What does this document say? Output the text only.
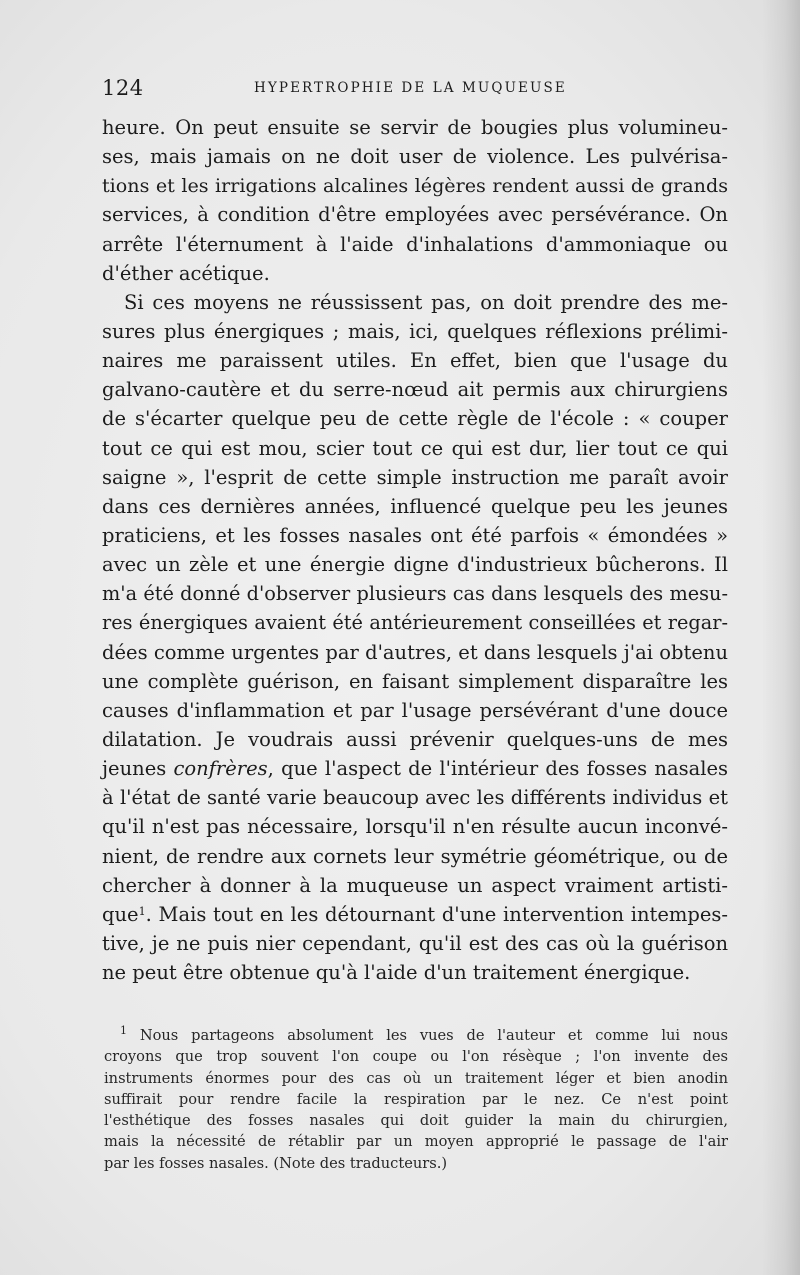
124	HYPERTROPHIE DE LA MUQUEUSE
heure. On peut ensuite se servir de bougies plus volumineu-
ses, mais jamais on ne doit user de violence. Les pulvérisa-
tions et les irrigations alcalines légères rendent aussi de grands
services, à condition d'être employées avec persévérance. On
arrête l'éternument à l'aide d'inhalations d'ammoniaque ou
d'éther acétique.
Si ces moyens ne réussissent pas, on doit prendre des me-
sures plus énergiques ; mais, ici, quelques réflexions prélimi-
naires me paraissent utiles. En effet, bien que l'usage du
galvano-cautère et du serre-nœud ait permis aux chirurgiens
de s'écarter quelque peu de cette règle de l'école : « couper
tout ce qui est mou, scier tout ce qui est dur, lier tout ce qui
saigne », l'esprit de cette simple instruction me paraît avoir
dans ces dernières années, influencé quelque peu les jeunes
praticiens, et les fosses nasales ont été parfois « émondées »
avec un zèle et une énergie digne d'industrieux bûcherons. Il
m'a été donné d'observer plusieurs cas dans lesquels des mesu-
res énergiques avaient été antérieurement conseillées et regar-
dées comme urgentes par d'autres, et dans lesquels j'ai obtenu
une complète guérison, en faisant simplement disparaître les
causes d'inflammation et par l'usage persévérant d'une douce
dilatation. Je voudrais aussi prévenir quelques-uns de mes
jeunes confrères, que l'aspect de l'intérieur des fosses nasales
à l'état de santé varie beaucoup avec les différents individus et
qu'il n'est pas nécessaire, lorsqu'il n'en résulte aucun inconvé-
nient, de rendre aux cornets leur symétrie géométrique, ou de
chercher à donner à la muqueuse un aspect vraiment artisti-
que$^1$. Mais tout en les détournant d'une intervention intempes-
tive, je ne puis nier cependant, qu'il est des cas où la guérison
ne peut être obtenue qu'à l'aide d'un traitement énergique.
$^1$ Nous partageons absolument les vues de l'auteur et comme lui nous
croyons que trop souvent l'on coupe ou l'on résèque ; l'on invente des
instruments énormes pour des cas où un traitement léger et bien anodin
suffirait pour rendre facile la respiration par le nez. Ce n'est point
l'esthétique des fosses nasales qui doit guider la main du chirurgien,
mais la nécessité de rétablir par un moyen approprié le passage de l'air
par les fosses nasales. (Note des traducteurs.)
